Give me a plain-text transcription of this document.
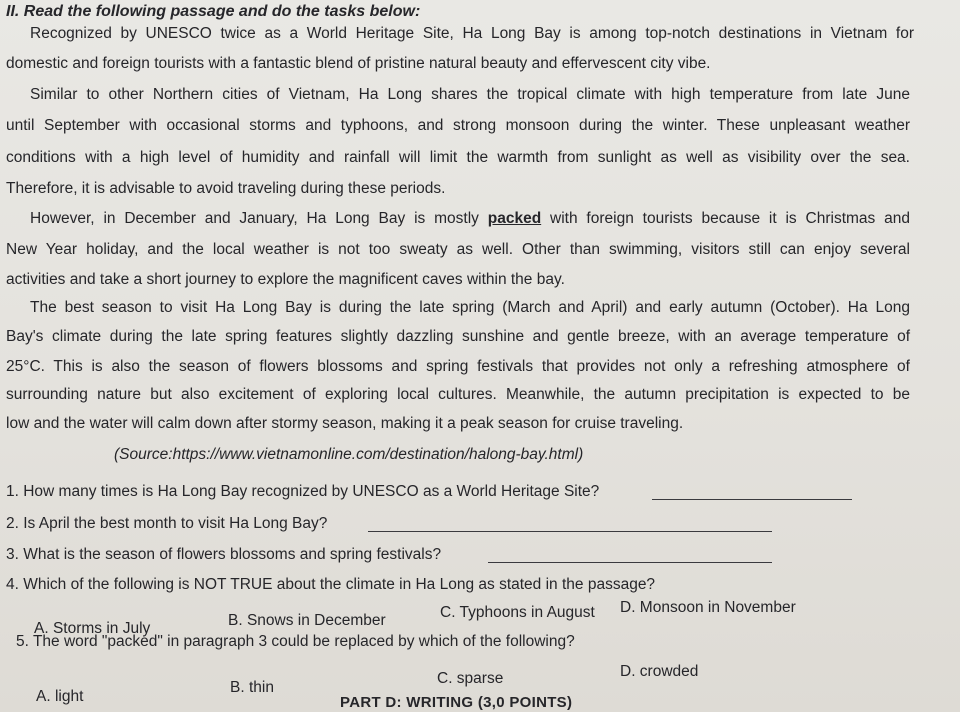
II. Read the following passage and do the tasks below:
Recognized by UNESCO twice as a World Heritage Site, Ha Long Bay is among top-notch destinations in Vietnam for
domestic and foreign tourists with a fantastic blend of pristine natural beauty and effervescent city vibe.
Similar to other Northern cities of Vietnam, Ha Long shares the tropical climate with high temperature from late June
until September with occasional storms and typhoons, and strong monsoon during the winter. These unpleasant weather
conditions with a high level of humidity and rainfall will limit the warmth from sunlight as well as visibility over the sea.
Therefore, it is advisable to avoid traveling during these periods.
However, in December and January, Ha Long Bay is mostly packed with foreign tourists because it is Christmas and
New Year holiday, and the local weather is not too sweaty as well. Other than swimming, visitors still can enjoy several
activities and take a short journey to explore the magnificent caves within the bay.
The best season to visit Ha Long Bay is during the late spring (March and April) and early autumn (October). Ha Long
Bay's climate during the late spring features slightly dazzling sunshine and gentle breeze, with an average temperature of
25°C. This is also the season of flowers blossoms and spring festivals that provides not only a refreshing atmosphere of
surrounding nature but also excitement of exploring local cultures. Meanwhile, the autumn precipitation is expected to be
low and the water will calm down after stormy season, making it a peak season for cruise traveling.
(Source:https://www.vietnamonline.com/destination/halong-bay.html)
1. How many times is Ha Long Bay recognized by UNESCO as a World Heritage Site?
2. Is April the best month to visit Ha Long Bay?
3. What is the season of flowers blossoms and spring festivals?
4. Which of the following is NOT TRUE about the climate in Ha Long as stated in the passage?
A. Storms in July	B. Snows in December	C. Typhoons in August D. Monsoon in November
5. The word "packed" in paragraph 3 could be replaced by which of the following?
A. light
B. thin
C. sparse	D. crowded
PART D: WRITING (3,0 POINTS)
